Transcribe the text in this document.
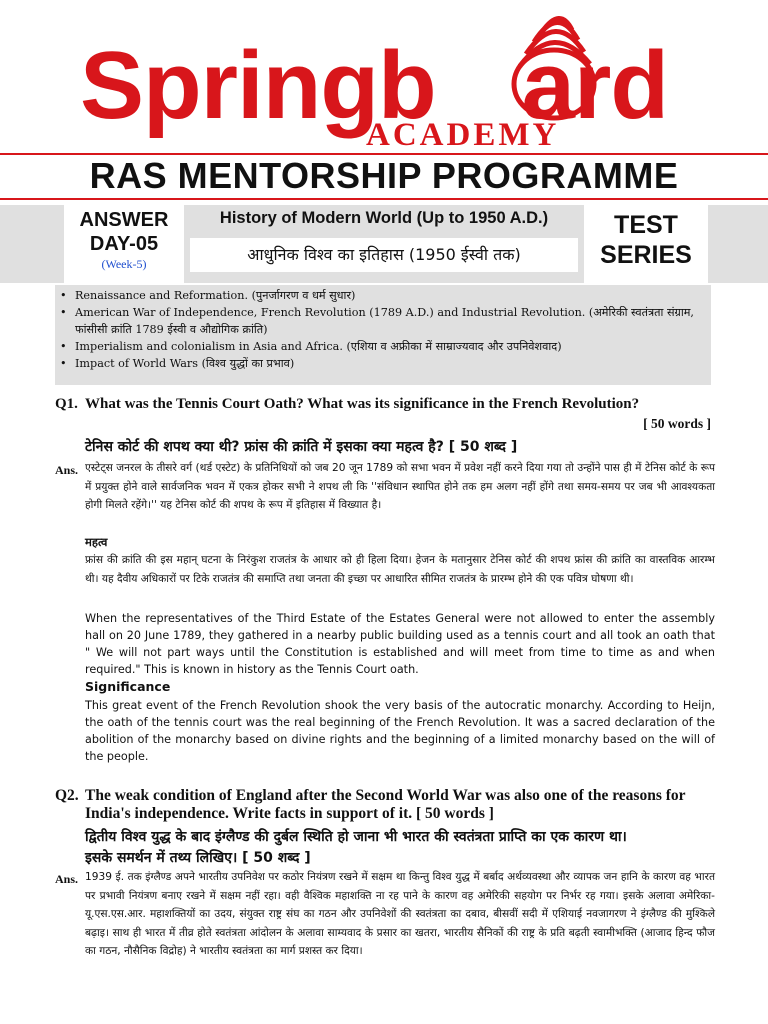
Springb ard
ACADEMY
RAS MENTORSHIP PROGRAMME
ANSWER
DAY-05
(Week-5)
History of Modern World (Up to 1950 A.D.)
आधुनिक विश्व का इतिहास (1950 ईस्वी तक)
TEST
SERIES
• Renaissance and Reformation. (पुनर्जागरण व धर्म सुधार)
• American War of Independence, French Revolution (1789 A.D.) and Industrial Revolution. (अमेरिकी स्वतंत्रता संग्राम, फांसीसी क्रांति 1789 ईस्वी व औद्योगिक क्रांति)
• Imperialism and colonialism in Asia and Africa. (एशिया व अफ्रीका में साम्राज्यवाद और उपनिवेशवाद)
• Impact of World Wars (विश्व युद्धों का प्रभाव)
Q1. What was the Tennis Court Oath? What was its significance in the French Revolution?
[ 50 words ]
टेनिस कोर्ट की शपथ क्या थी? फ्रांस की क्रांति में इसका क्या महत्व है? [ 50 शब्द ]
Ans. एस्टेट्स जनरल के तीसरे वर्ग (थर्ड एस्टेट) के प्रतिनिधियों को जब 20 जून 1789 को सभा भवन में प्रवेश नहीं करने दिया गया तो उन्होंने पास ही में टेनिस कोर्ट के रूप में प्रयुक्त होने वाले सार्वजनिक भवन में एकत्र होकर सभी ने शपथ ली कि ''संविधान स्थापित होने तक हम अलग नहीं होंगे तथा समय-समय पर जब भी आवश्यकता होगी मिलते रहेंगे।'' यह टेनिस कोर्ट की शपथ के रूप में इतिहास में विख्यात है।
महत्व
फ्रांस की क्रांति की इस महान् घटना के निरंकुश राजतंत्र के आधार को ही हिला दिया। हेजन के मतानुसार टेनिस कोर्ट की शपथ फ्रांस की क्रांति का वास्तविक आरम्भ थी। यह दैवीय अधिकारों पर टिके राजतंत्र की समाप्ति तथा जनता की इच्छा पर आधारित सीमित राजतंत्र के प्रारम्भ होने की एक पवित्र घोषणा थी।
When the representatives of the Third Estate of the Estates General were not allowed to enter the assembly hall on 20 June 1789, they gathered in a nearby public building used as a tennis court and all took an oath that " We will not part ways until the Constitution is established and will meet from time to time as and when required." This is known in history as the Tennis Court oath.
Significance
This great event of the French Revolution shook the very basis of the autocratic monarchy. According to Heijn, the oath of the tennis court was the real beginning of the French Revolution. It was a sacred declaration of the abolition of the monarchy based on divine rights and the beginning of a limited monarchy based on the will of the people.
Q2. The weak condition of England after the Second World War was also one of the reasons for
India's independence. Write facts in support of it. [ 50 words ]
द्वितीय विश्व युद्ध के बाद इंग्लैण्ड की दुर्बल स्थिति हो जाना भी भारत की स्वतंत्रता प्राप्ति का एक कारण था।
इसके समर्थन में तथ्य लिखिए। [ 50 शब्द ]
Ans. 1939 ई. तक इंग्लैण्ड अपने भारतीय उपनिवेश पर कठोर नियंत्रण रखने में सक्षम था किन्तु विश्व युद्ध में बर्बाद अर्थव्यवस्था और व्यापक जन हानि के कारण वह भारत पर प्रभावी नियंत्रण बनाए रखने में सक्षम नहीं रहा। वही वैश्विक महाशक्ति ना रह पाने के कारण वह अमेरिकी सहयोग पर निर्भर रह गया। इसके अलावा अमेरिका-यू.एस.एस.आर. महाशक्तियों का उदय, संयुक्त राष्ट्र संघ का गठन और उपनिवेशों की स्वतंत्रता का दबाव, बीसवीं सदी में एशियाई नवजागरण ने इंग्लैण्ड की मुश्किले बढ़ाइ। साथ ही भारत में तीव्र होते स्वतंत्रता आंदोलन के अलावा साम्यवाद के प्रसार का खतरा, भारतीय सैनिकों की राष्ट्र के प्रति बढ़ती स्वामीभक्ति (आजाद हिन्द फौज का गठन, नौसैनिक विद्रोह) ने भारतीय स्वतंत्रता का मार्ग प्रशस्त कर दिया।
